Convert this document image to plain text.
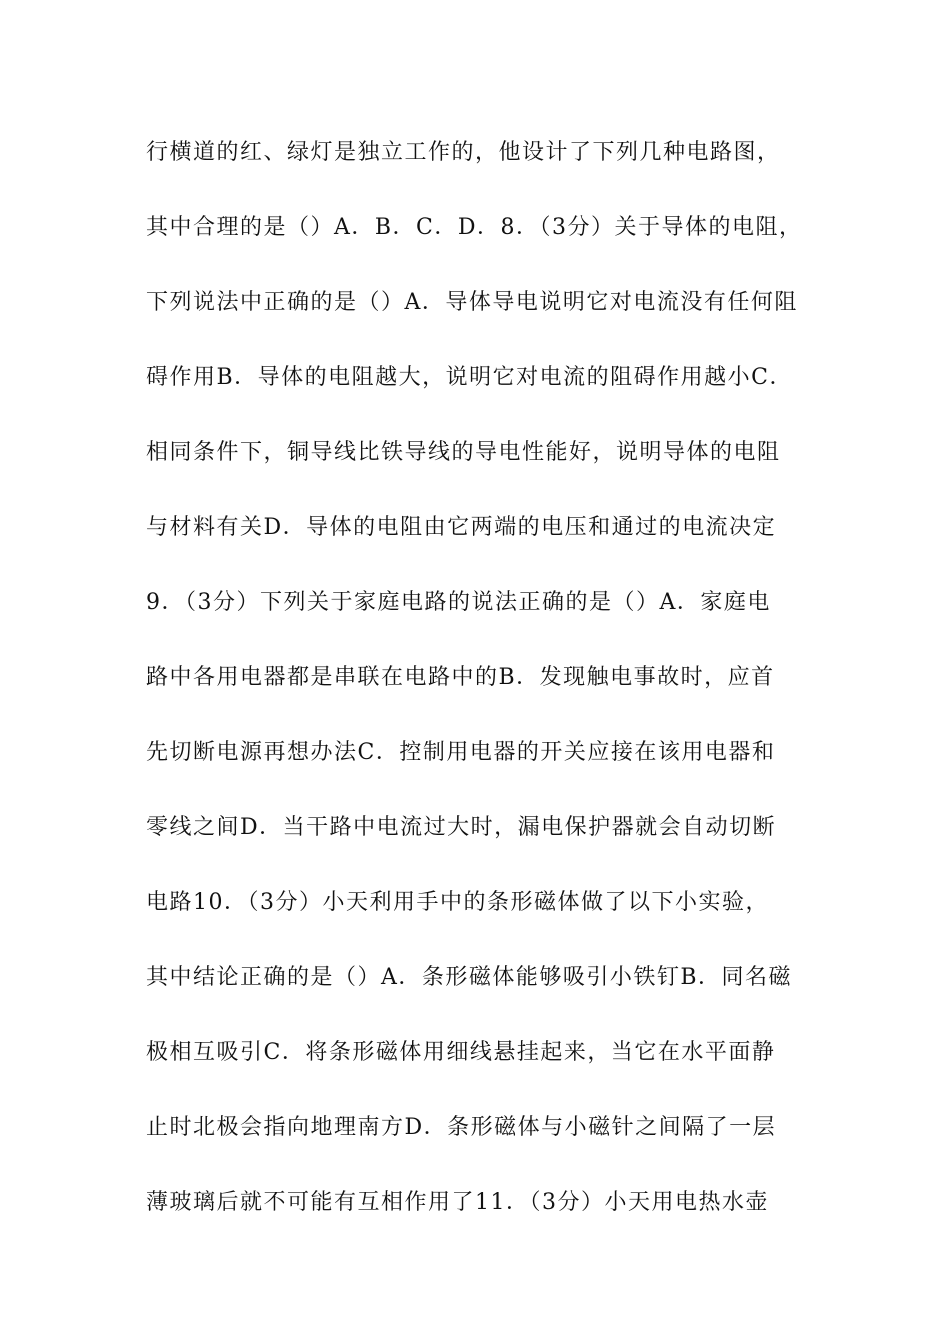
行横道的红、绿灯是独立工作的，他设计了下列几种电路图，
其中合理的是（）A．B．C．D．8．（3分）关于导体的电阻，
下列说法中正确的是（）A．导体导电说明它对电流没有任何阻
碍作用B．导体的电阻越大，说明它对电流的阻碍作用越小C．
相同条件下，铜导线比铁导线的导电性能好，说明导体的电阻
与材料有关D．导体的电阻由它两端的电压和通过的电流决定
9．（3分）下列关于家庭电路的说法正确的是（）A．家庭电
路中各用电器都是串联在电路中的B．发现触电事故时，应首
先切断电源再想办法C．控制用电器的开关应接在该用电器和
零线之间D．当干路中电流过大时，漏电保护器就会自动切断
电路10．（3分）小天利用手中的条形磁体做了以下小实验，
其中结论正确的是（）A．条形磁体能够吸引小铁钉B．同名磁
极相互吸引C．将条形磁体用细线悬挂起来，当它在水平面静
止时北极会指向地理南方D．条形磁体与小磁针之间隔了一层
薄玻璃后就不可能有互相作用了11．（3分）小天用电热水壶
